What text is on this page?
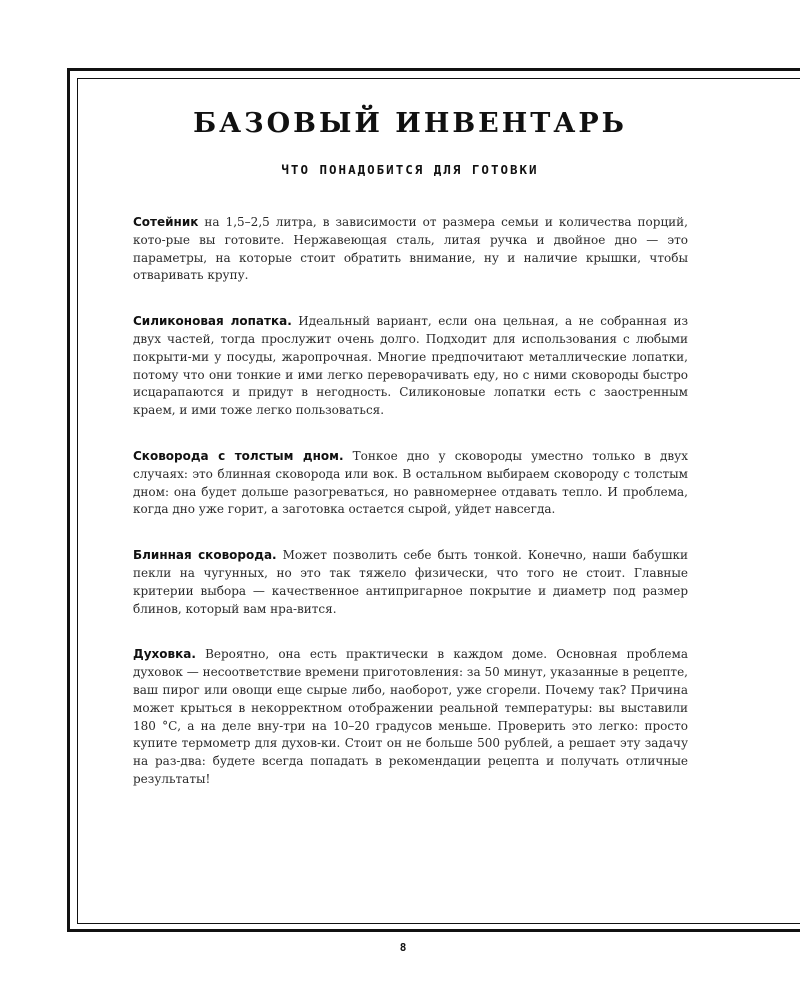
БАЗОВЫЙ ИНВЕНТАРЬ
ЧТО ПОНАДОБИТСЯ ДЛЯ ГОТОВКИ

Сотейник на 1,5–2,5 литра, в зависимости от размера семьи и количества порций, кото-рые вы готовите. Нержавеющая сталь, литая ручка и двойное дно — это параметры, на которые стоит обратить внимание, ну и наличие крышки, чтобы отваривать крупу.

Силиконовая лопатка. Идеальный вариант, если она цельная, а не собранная из двух частей, тогда прослужит очень долго. Подходит для использования с любыми покрыти-ми у посуды, жаропрочная. Многие предпочитают металлические лопатки, потому что они тонкие и ими легко переворачивать еду, но с ними сковороды быстро исцарапаются и придут в негодность. Силиконовые лопатки есть с заостренным краем, и ими тоже легко пользоваться.

Сковорода с толстым дном. Тонкое дно у сковороды уместно только в двух случаях: это блинная сковорода или вок. В остальном выбираем сковороду с толстым дном: она будет дольше разогреваться, но равномернее отдавать тепло. И проблема, когда дно уже горит, а заготовка остается сырой, уйдет навсегда.

Блинная сковорода. Может позволить себе быть тонкой. Конечно, наши бабушки пекли на чугунных, но это так тяжело физически, что того не стоит. Главные критерии выбора — качественное антипригарное покрытие и диаметр под размер блинов, который вам нра-вится.

Духовка. Вероятно, она есть практически в каждом доме. Основная проблема духовок — несоответствие времени приготовления: за 50 минут, указанные в рецепте, ваш пирог или овощи еще сырые либо, наоборот, уже сгорели. Почему так? Причина может крыться в некорректном отображении реальной температуры: вы выставили 180 °С, а на деле вну-три на 10–20 градусов меньше. Проверить это легко: просто купите термометр для духов-ки. Стоит он не больше 500 рублей, а решает эту задачу на раз-два: будете всегда попадать в рекомендации рецепта и получать отличные результаты!

8
